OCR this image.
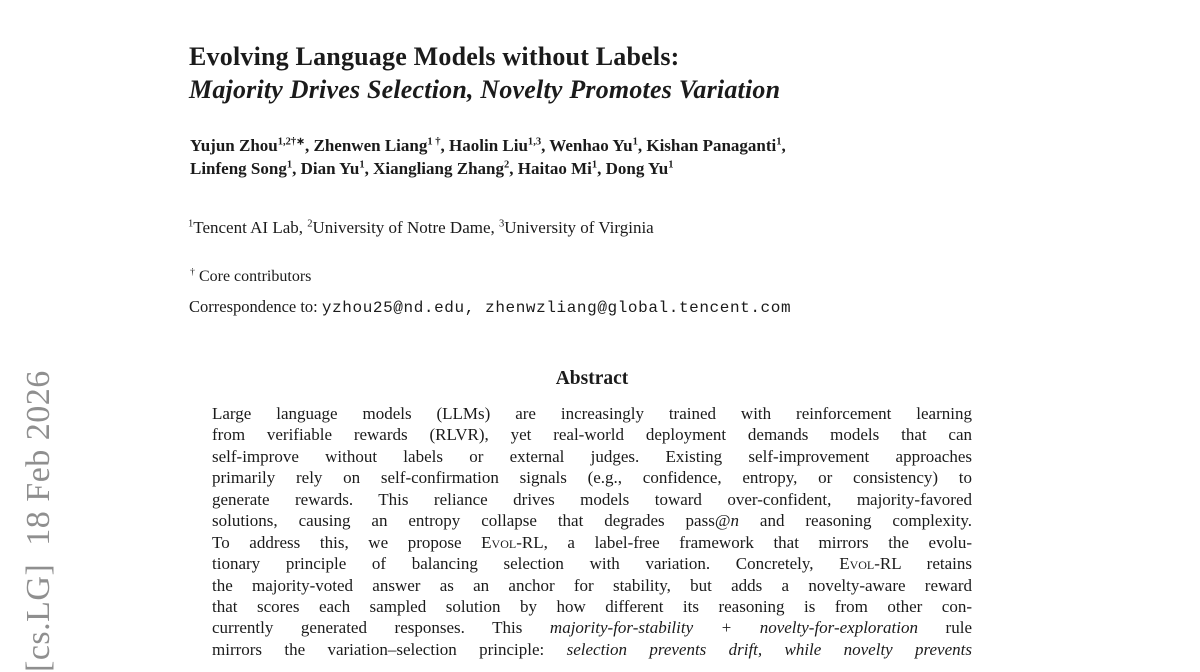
[cs.LG]  18 Feb 2026
Evolving Language Models without Labels:
Majority Drives Selection, Novelty Promotes Variation
Yujun Zhou$^{1,2\dagger∗}$, Zhenwen Liang$^{1 \dagger}$, Haolin Liu$^{1,3}$, Wenhao Yu$^1$, Kishan Panaganti$^1$,
Linfeng Song$^1$, Dian Yu$^1$, Xiangliang Zhang$^2$, Haitao Mi$^1$, Dong Yu$^1$
$^1$Tencent AI Lab, $^2$University of Notre Dame, $^3$University of Virginia
† Core contributors
Correspondence to: yzhou25@nd.edu, zhenwzliang@global.tencent.com
Abstract
Large language models (LLMs) are increasingly trained with reinforcement learning
from verifiable rewards (RLVR), yet real-world deployment demands models that can
self-improve without labels or external judges. Existing self-improvement approaches
primarily rely on self-confirmation signals (e.g., confidence, entropy, or consistency) to
generate rewards. This reliance drives models toward over-confident, majority-favored
solutions, causing an entropy collapse that degrades pass@n and reasoning complexity.
To address this, we propose Evol-RL, a label-free framework that mirrors the evolu-
tionary principle of balancing selection with variation. Concretely, Evol-RL retains
the majority-voted answer as an anchor for stability, but adds a novelty-aware reward
that scores each sampled solution by how different its reasoning is from other con-
currently generated responses. This majority-for-stability + novelty-for-exploration rule
mirrors the variation–selection principle: selection prevents drift, while novelty prevents
